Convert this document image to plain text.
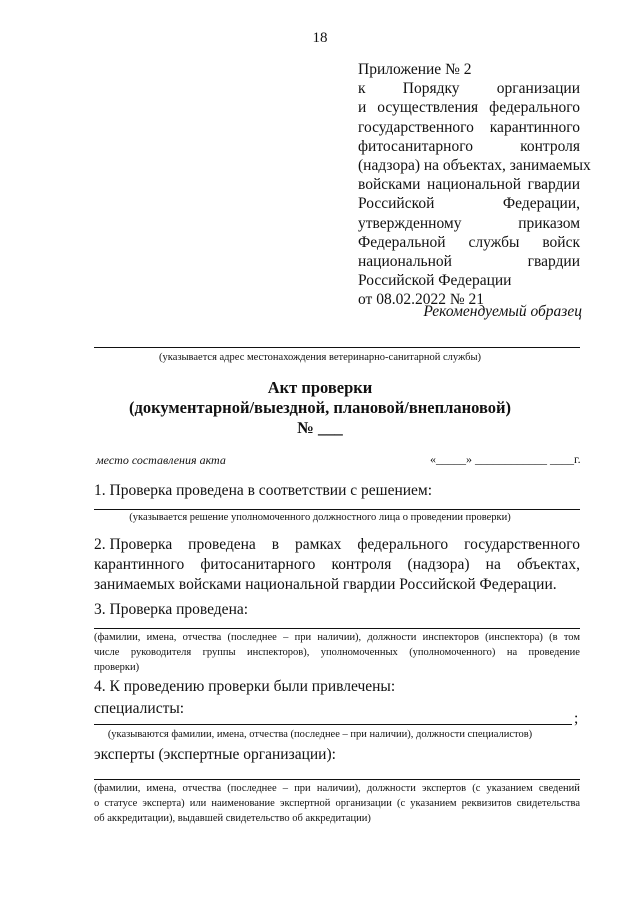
18
Приложение № 2
к Порядку организации
и осуществления федерального
государственного карантинного
фитосанитарного	контроля
(надзора) на объектах, занимаемых
войсками национальной гвардии
Российской	Федерации,
утвержденному	приказом
Федеральной службы войск
национальной	гвардии
Российской Федерации
от 08.02.2022 № 21
Рекомендуемый образец
(указывается адрес местонахождения ветеринарно-санитарной службы)
Акт проверки
(документарной/выездной, плановой/внеплановой)
№ ___
место составления акта	«_____» ____________ ____г.
1. Проверка проведена в соответствии с решением:
(указывается решение уполномоченного должностного лица о проведении проверки)
2. Проверка проведена в рамках федерального государственного
карантинного фитосанитарного контроля (надзора) на объектах,
занимаемых войсками национальной гвардии Российской Федерации.
3. Проверка проведена:
(фамилии, имена, отчества (последнее – при наличии), должности инспекторов (инспектора) (в том
числе руководителя группы инспекторов), уполномоченных (уполномоченного) на проведение
проверки)
4. К проведению проверки были привлечены:
специалисты:
;
(указываются фамилии, имена, отчества (последнее – при наличии), должности специалистов)
эксперты (экспертные организации):
(фамилии, имена, отчества (последнее – при наличии), должности экспертов (с указанием сведений
о статусе эксперта) или наименование экспертной организации (с указанием реквизитов свидетельства
об аккредитации), выдавшей свидетельство об аккредитации)
